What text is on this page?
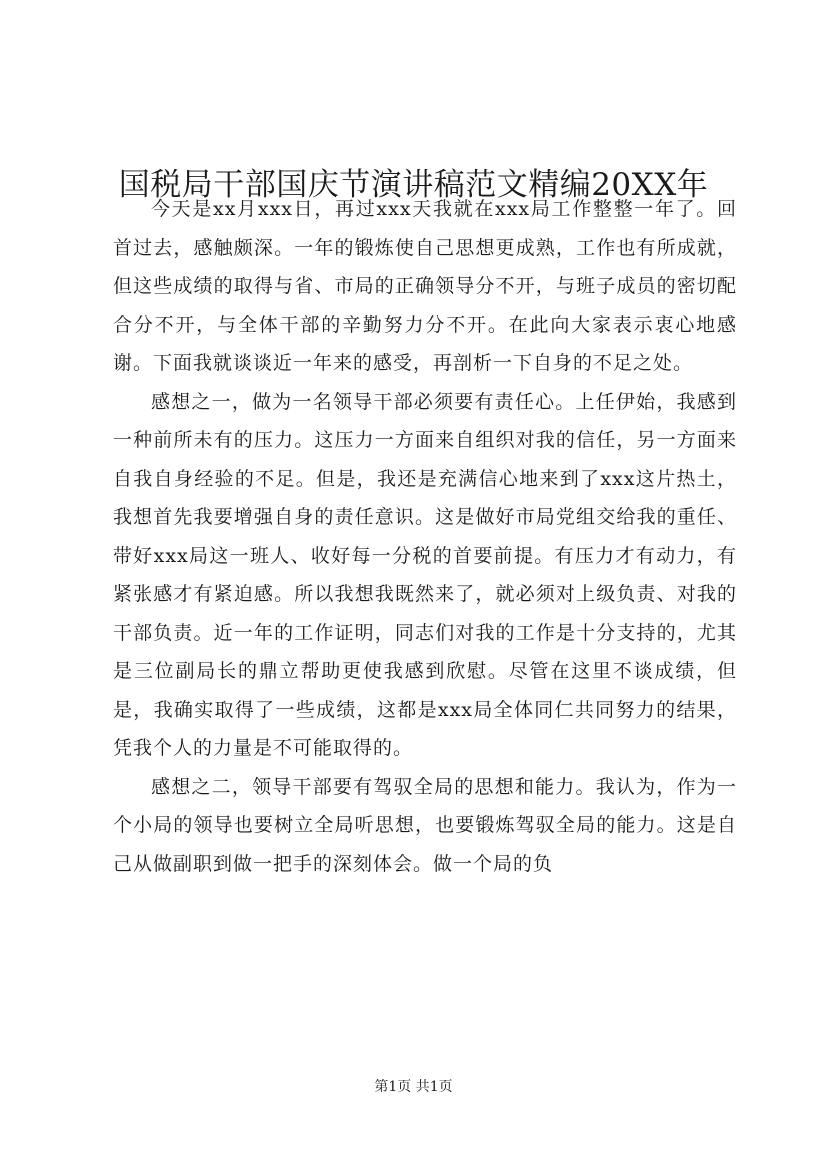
国税局干部国庆节演讲稿范文精编20XX年

今天是xx月xxx日，再过xxx天我就在xxx局工作整整一年了。回首过去，感触颇深。一年的锻炼使自己思想更成熟，工作也有所成就，但这些成绩的取得与省、市局的正确领导分不开，与班子成员的密切配合分不开，与全体干部的辛勤努力分不开。在此向大家表示衷心地感谢。下面我就谈谈近一年来的感受，再剖析一下自身的不足之处。

感想之一，做为一名领导干部必须要有责任心。上任伊始，我感到一种前所未有的压力。这压力一方面来自组织对我的信任，另一方面来自我自身经验的不足。但是，我还是充满信心地来到了xxx这片热土，我想首先我要增强自身的责任意识。这是做好市局党组交给我的重任、带好xxx局这一班人、收好每一分税的首要前提。有压力才有动力，有紧张感才有紧迫感。所以我想我既然来了，就必须对上级负责、对我的干部负责。近一年的工作证明，同志们对我的工作是十分支持的，尤其是三位副局长的鼎立帮助更使我感到欣慰。尽管在这里不谈成绩，但是，我确实取得了一些成绩，这都是xxx局全体同仁共同努力的结果，凭我个人的力量是不可能取得的。

感想之二，领导干部要有驾驭全局的思想和能力。我认为，作为一个小局的领导也要树立全局听思想，也要锻炼驾驭全局的能力。这是自己从做副职到做一把手的深刻体会。做一个局的负

第1页 共1页
